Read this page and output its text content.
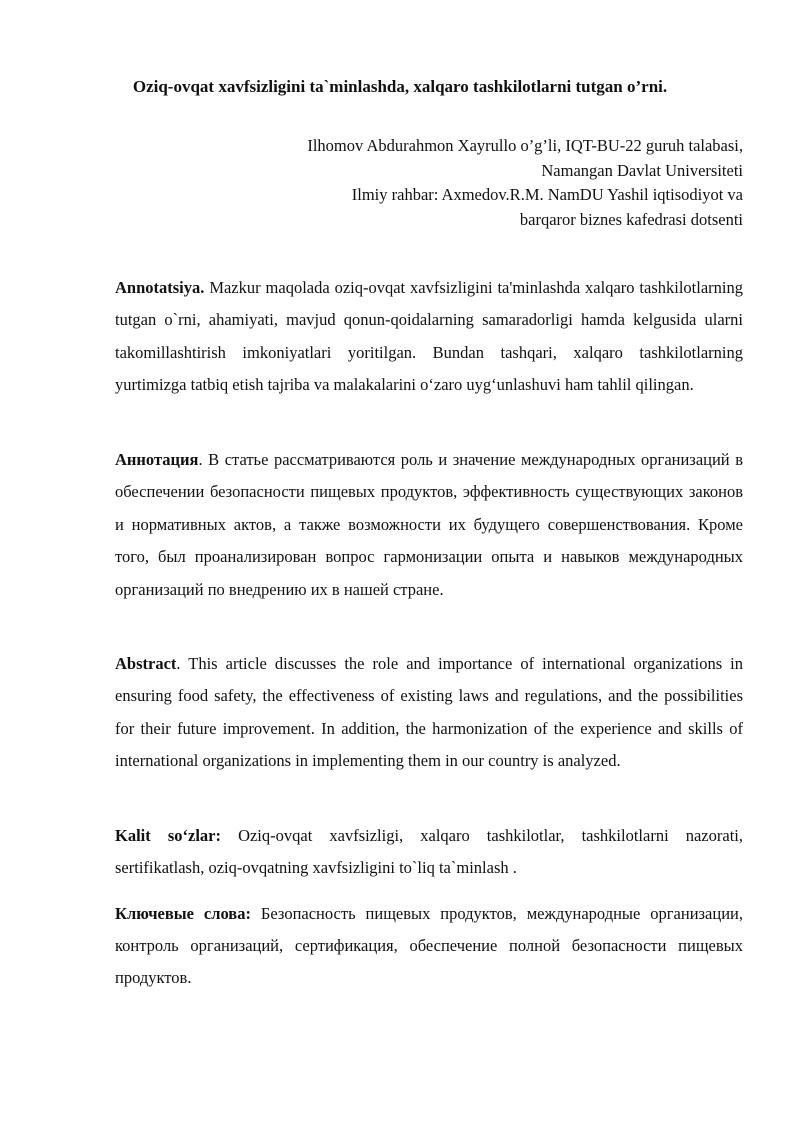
Oziq-ovqat xavfsizligini ta`minlashda, xalqaro tashkilotlarni tutgan o’rni.
Ilhomov Abdurahmon Xayrullo o’g’li, IQT-BU-22 guruh talabasi,
Namangan Davlat Universiteti
Ilmiy rahbar: Axmedov.R.M. NamDU Yashil iqtisodiyot va
barqaror biznes kafedrasi dotsenti

Annotatsiya. Mazkur maqolada oziq-ovqat xavfsizligini ta'minlashda xalqaro tashkilotlarning tutgan o`rni, ahamiyati, mavjud qonun-qoidalarning samaradorligi hamda kelgusida ularni takomillashtirish imkoniyatlari yoritilgan. Bundan tashqari, xalqaro tashkilotlarning yurtimizga tatbiq etish tajriba va malakalarini o‘zaro uyg‘unlashuvi ham tahlil qilingan.

Аннотация. В статье рассматриваются роль и значение международных организаций в обеспечении безопасности пищевых продуктов, эффективность существующих законов и нормативных актов, а также возможности их будущего совершенствования. Кроме того, был проанализирован вопрос гармонизации опыта и навыков международных организаций по внедрению их в нашей стране.

Abstract. This article discusses the role and importance of international organizations in ensuring food safety, the effectiveness of existing laws and regulations, and the possibilities for their future improvement. In addition, the harmonization of the experience and skills of international organizations in implementing them in our country is analyzed.

Kalit so‘zlar: Oziq-ovqat xavfsizligi, xalqaro tashkilotlar, tashkilotlarni nazorati, sertifikatlash, oziq-ovqatning xavfsizligini to`liq ta`minlash .

Ключевые слова: Безопасность пищевых продуктов, международные организации, контроль организаций, сертификация, обеспечение полной безопасности пищевых продуктов.
